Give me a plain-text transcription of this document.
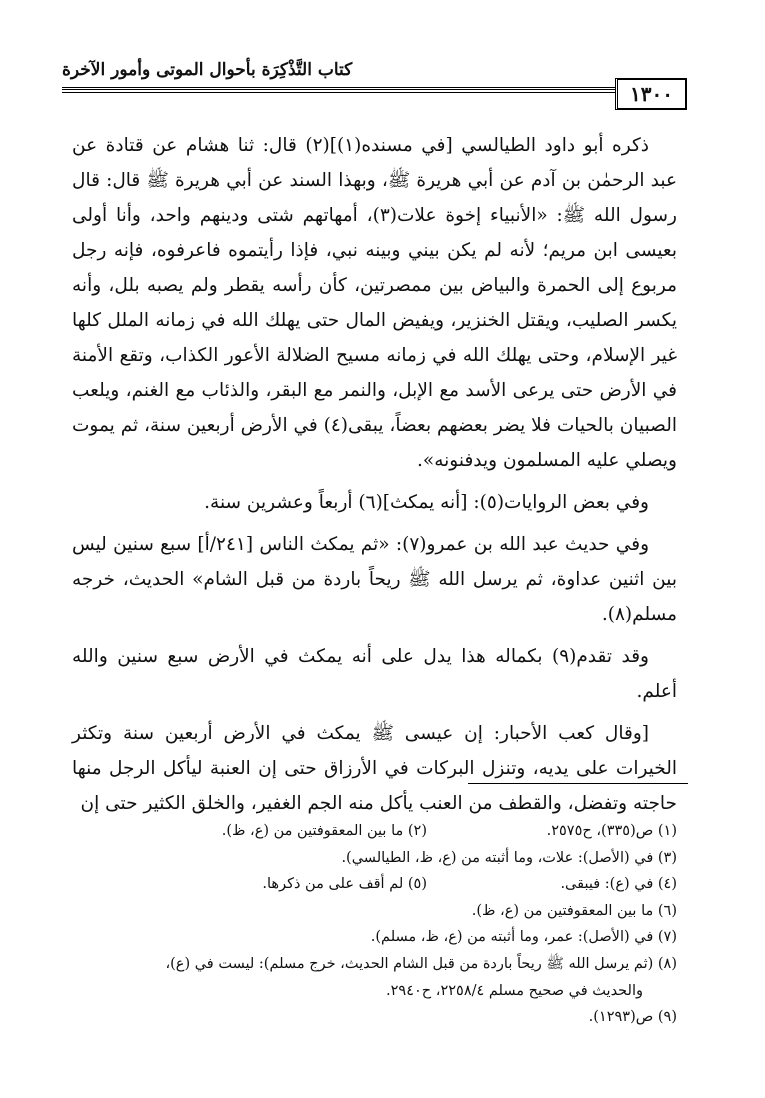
كتاب التَّذْكِرَة بأحوال الموتى وأمور الآخرة
١٣٠٠

ذكره أبو داود الطيالسي [في مسنده(١)](٢) قال: ثنا هشام عن قتادة عن عبد الرحمٰن بن آدم عن أبي هريرة ﷺ، وبهذا السند عن أبي هريرة ﷺ قال: قال رسول الله ﷺ: «الأنبياء إخوة علات(٣)، أمهاتهم شتى ودينهم واحد، وأنا أولى بعيسى ابن مريم؛ لأنه لم يكن بيني وبينه نبي، فإذا رأيتموه فاعرفوه، فإنه رجل مربوع إلى الحمرة والبياض بين ممصرتين، كأن رأسه يقطر ولم يصبه بلل، وأنه يكسر الصليب، ويقتل الخنزير، ويفيض المال حتى يهلك الله في زمانه الملل كلها غير الإسلام، وحتى يهلك الله في زمانه مسيح الضلالة الأعور الكذاب، وتقع الأمنة في الأرض حتى يرعى الأسد مع الإبل، والنمر مع البقر، والذئاب مع الغنم، ويلعب الصبيان بالحيات فلا يضر بعضهم بعضاً، يبقى(٤) في الأرض أربعين سنة، ثم يموت ويصلي عليه المسلمون ويدفنونه».

وفي بعض الروايات(٥): [أنه يمكث](٦) أربعاً وعشرين سنة.

وفي حديث عبد الله بن عمرو(٧): «ثم يمكث الناس [٢٤١/أ] سبع سنين ليس بين اثنين عداوة، ثم يرسل الله ﷺ ريحاً باردة من قبل الشام» الحديث، خرجه مسلم(٨).

وقد تقدم(٩) بكماله هذا يدل على أنه يمكث في الأرض سبع سنين والله أعلم.

[وقال كعب الأحبار: إن عيسى ﷺ يمكث في الأرض أربعين سنة وتكثر الخيرات على يديه، وتنزل البركات في الأرزاق حتى إن العنبة ليأكل الرجل منها حاجته وتفضل، والقطف من العنب يأكل منه الجم الغفير، والخلق الكثير حتى إن

(١) ص(٣٣٥)، ح٢٥٧٥.
(٢) ما بين المعقوفتين من (ع، ظ).
(٣) في (الأصل): علات، وما أثبته من (ع، ظ، الطيالسي).
(٤) في (ع): فيبقى.
(٥) لم أقف على من ذكرها.
(٦) ما بين المعقوفتين من (ع، ظ).
(٧) في (الأصل): عمر، وما أثبته من (ع، ظ، مسلم).
(٨) (ثم يرسل الله ﷺ ريحاً باردة من قبل الشام الحديث، خرج مسلم): ليست في (ع)،
والحديث في صحيح مسلم ٢٢٥٨/٤، ح٢٩٤٠.
(٩) ص(١٢٩٣).
